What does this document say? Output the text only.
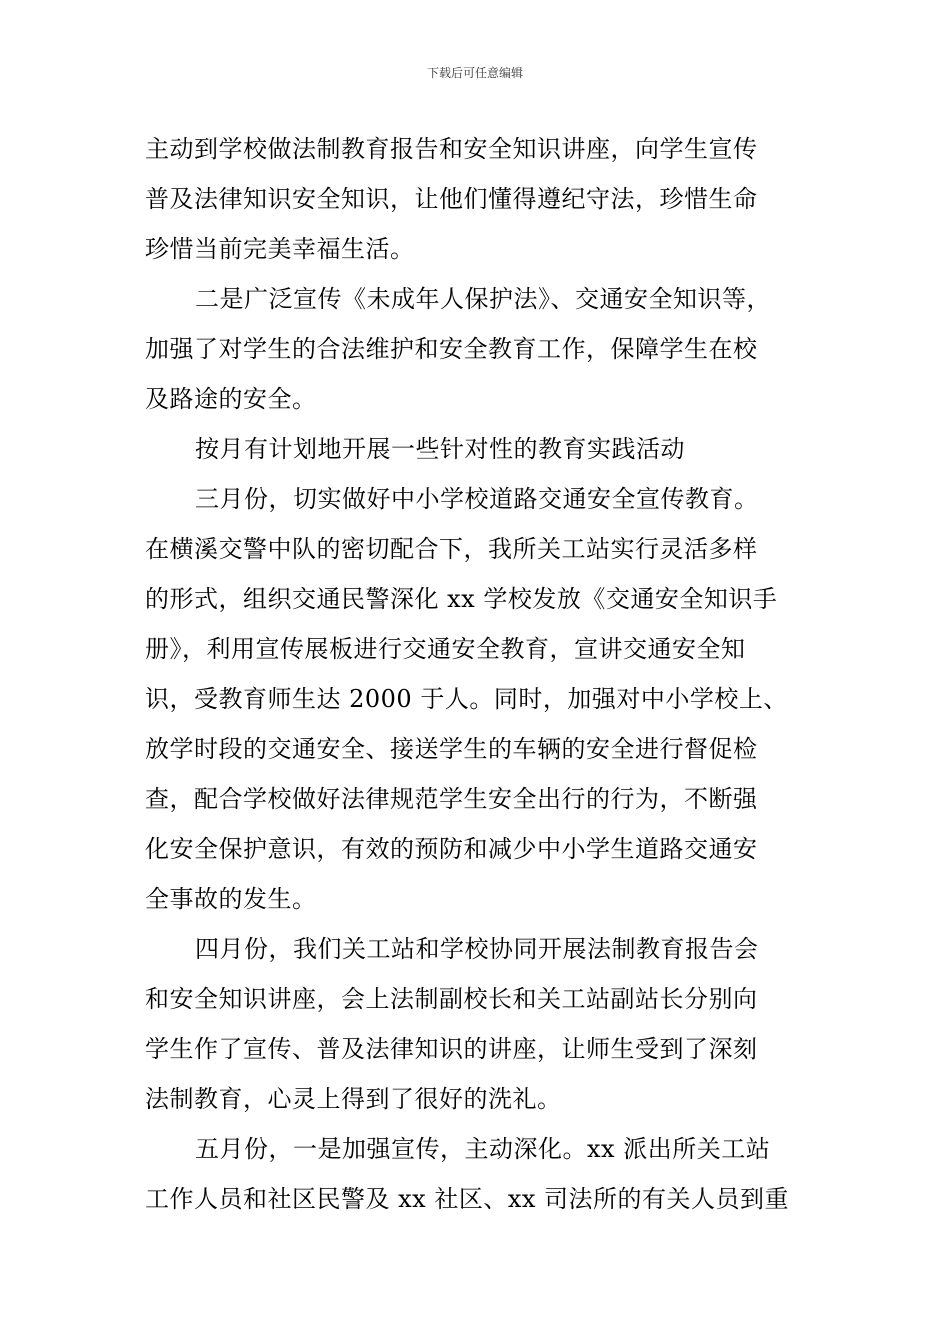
下载后可任意编辑
主动到学校做法制教育报告和安全知识讲座，向学生宣传
普及法律知识安全知识，让他们懂得遵纪守法，珍惜生命
珍惜当前完美幸福生活。
二是广泛宣传《未成年人保护法》、交通安全知识等，
加强了对学生的合法维护和安全教育工作，保障学生在校
及路途的安全。
按月有计划地开展一些针对性的教育实践活动
三月份，切实做好中小学校道路交通安全宣传教育。
在横溪交警中队的密切配合下，我所关工站实行灵活多样
的形式，组织交通民警深化 xx 学校发放《交通安全知识手
册》，利用宣传展板进行交通安全教育，宣讲交通安全知
识，受教育师生达 2000 于人。同时，加强对中小学校上、
放学时段的交通安全、接送学生的车辆的安全进行督促检
查，配合学校做好法律规范学生安全出行的行为，不断强
化安全保护意识，有效的预防和减少中小学生道路交通安
全事故的发生。
四月份，我们关工站和学校协同开展法制教育报告会
和安全知识讲座，会上法制副校长和关工站副站长分别向
学生作了宣传、普及法律知识的讲座，让师生受到了深刻
法制教育，心灵上得到了很好的洗礼。
五月份，一是加强宣传，主动深化。xx 派出所关工站
工作人员和社区民警及 xx 社区、xx 司法所的有关人员到重
